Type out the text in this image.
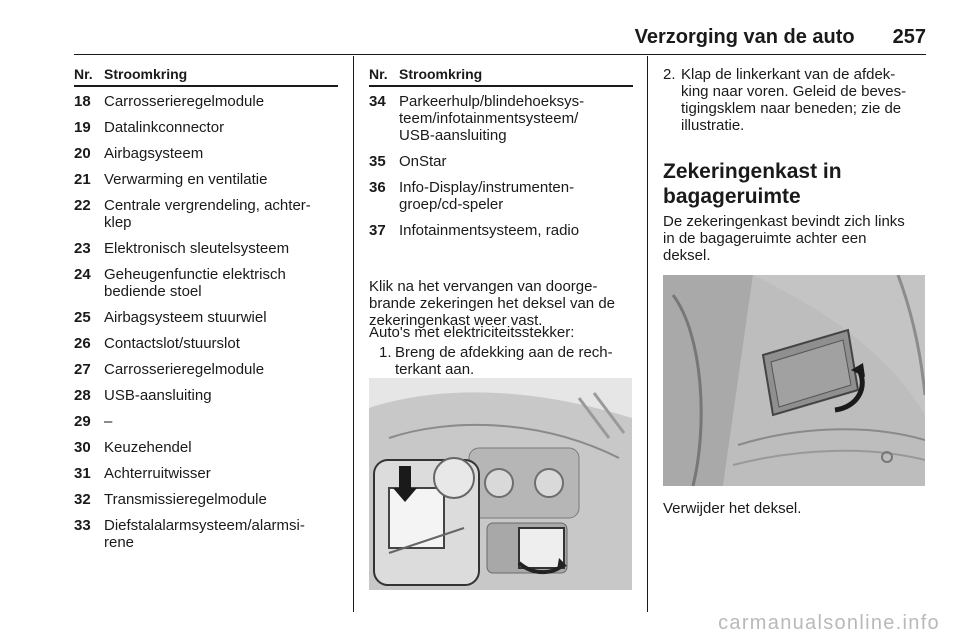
Verzorging van de auto 257
Nr. Stroomkring
18 Carrosserieregelmodule
19 Datalinkconnector
20 Airbagsysteem
21 Verwarming en ventilatie
22 Centrale vergrendeling, achter-
klep
23 Elektronisch sleutelsysteem
24 Geheugenfunctie elektrisch
bediende stoel
25 Airbagsysteem stuurwiel
26 Contactslot/stuurslot
27 Carrosserieregelmodule
28 USB-aansluiting
29 –
30 Keuzehendel
31 Achterruitwisser
32 Transmissieregelmodule
33 Diefstalalarmsysteem/alarmsi-
rene
Nr. Stroomkring
34 Parkeerhulp/blindehoeksys-
teem/infotainmentsysteem/
USB-aansluiting
35 OnStar
36 Info-Display/instrumenten-
groep/cd-speler
37 Infotainmentsysteem, radio
Klik na het vervangen van doorge-
brande zekeringen het deksel van de
zekeringenkast weer vast.
Auto's met elektriciteitsstekker:
1. Breng de afdekking aan de rech-
terkant aan.
2. Klap de linkerkant van de afdek-
king naar voren. Geleid de beves-
tigingsklem naar beneden; zie de
illustratie.
Zekeringenkast in
bagageruimte
De zekeringenkast bevindt zich links
in de bagageruimte achter een
deksel.
Verwijder het deksel.
carmanualsonline.info
